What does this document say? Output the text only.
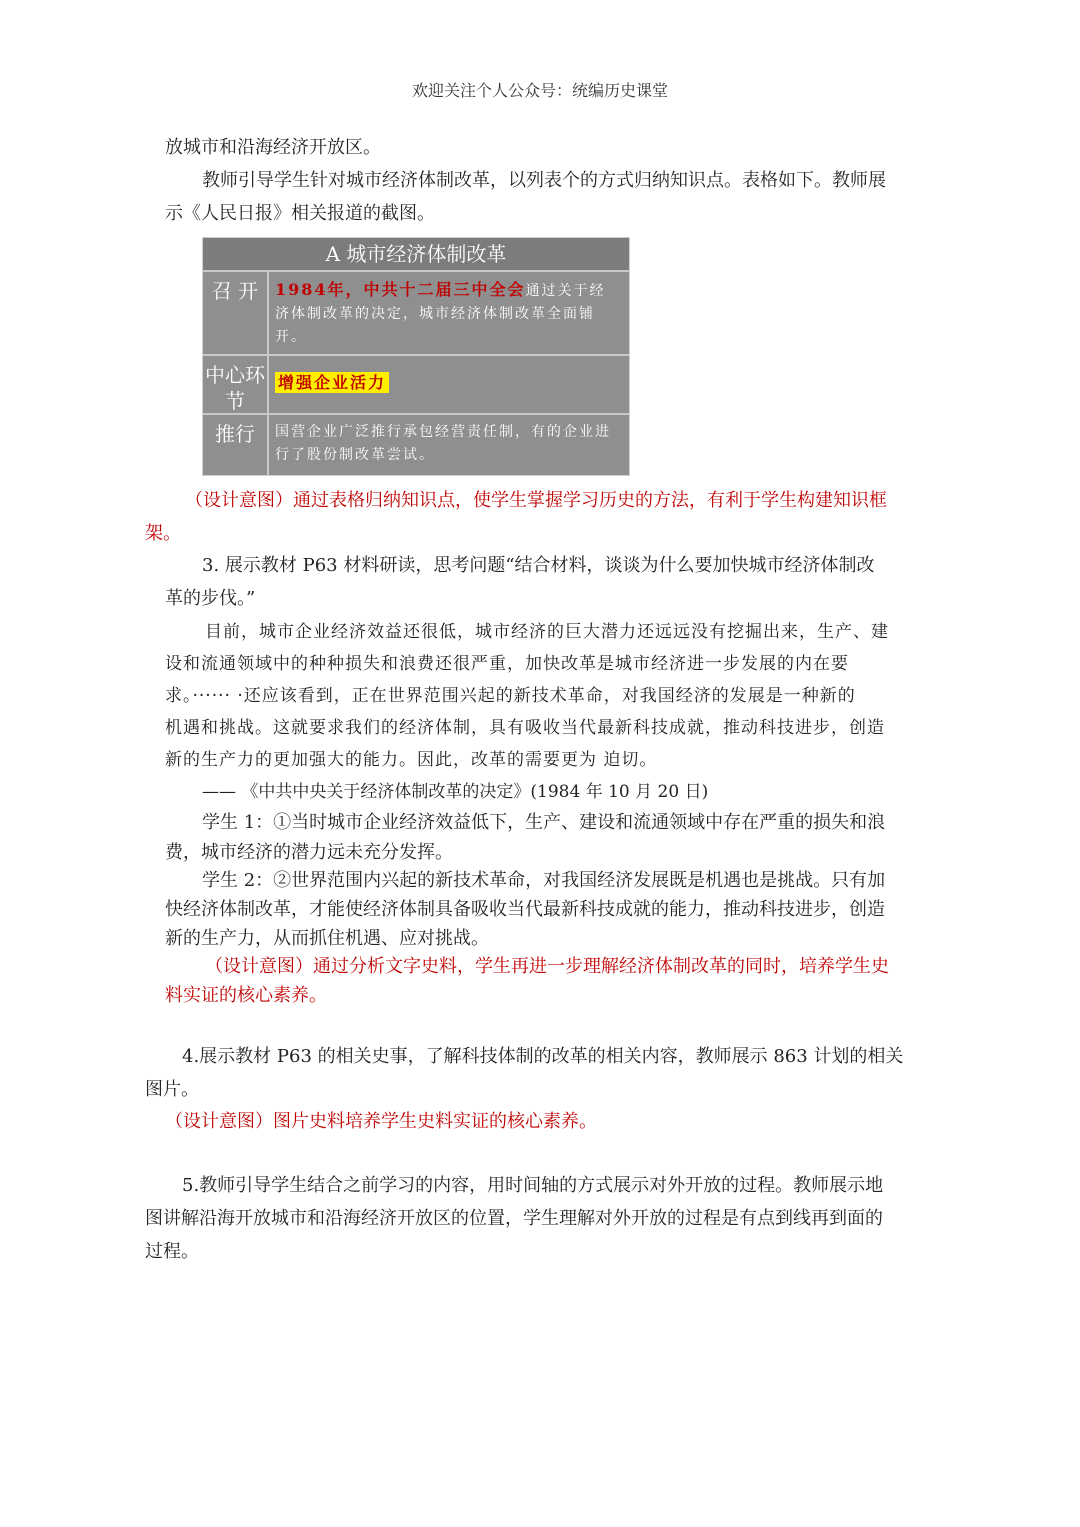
欢迎关注个人公众号：统编历史课堂
放城市和沿海经济开放区。
教师引导学生针对城市经济体制改革，以列表个的方式归纳知识点。表格如下。教师展
示《人民日报》相关报道的截图。
A 城市经济体制改革
召 开	1984年，中共十二届三中全会通过关于经济体制改革的决定，城市经济体制改革全面铺开。
中心环节
增强企业活力
推行	国营企业广泛推行承包经营责任制，有的企业进行了股份制改革尝试。
（设计意图）通过表格归纳知识点，使学生掌握学习历史的方法，有利于学生构建知识框
架。
3. 展示教材 P63 材料研读，思考问题“结合材料，谈谈为什么要加快城市经济体制改
革的步伐。”
目前，城市企业经济效益还很低，城市经济的巨大潜力还远远没有挖掘出来，生产、建
设和流通领域中的种种损失和浪费还很严重，加快改革是城市经济进一步发展的内在要
求。······ ·还应该看到，正在世界范围兴起的新技术革命，对我国经济的发展是一种新的
机遇和挑战。这就要求我们的经济体制，具有吸收当代最新科技成就，推动科技进步，创造
新的生产力的更加强大的能力。因此，改革的需要更为 迫切。
—— 《中共中央关于经济体制改革的决定》(1984 年 10 月 20 日)
学生 1：①当时城市企业经济效益低下，生产、建设和流通领域中存在严重的损失和浪
费，城市经济的潜力远未充分发挥。
学生 2：②世界范围内兴起的新技术革命，对我国经济发展既是机遇也是挑战。只有加
快经济体制改革，才能使经济体制具备吸收当代最新科技成就的能力，推动科技进步，创造
新的生产力，从而抓住机遇、应对挑战。
（设计意图）通过分析文字史料，学生再进一步理解经济体制改革的同时，培养学生史
料实证的核心素养。
4.展示教材 P63 的相关史事，了解科技体制的改革的相关内容，教师展示 863 计划的相关
图片。
（设计意图）图片史料培养学生史料实证的核心素养。
5.教师引导学生结合之前学习的内容，用时间轴的方式展示对外开放的过程。教师展示地
图讲解沿海开放城市和沿海经济开放区的位置，学生理解对外开放的过程是有点到线再到面的
过程。
